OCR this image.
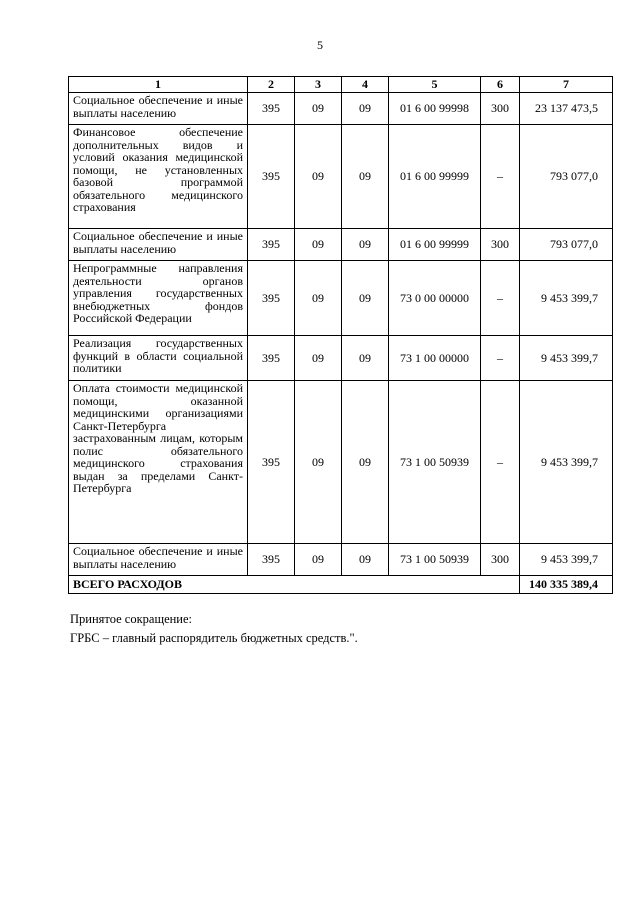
5
1	2	3	4	5	6	7
Социальное обеспечение и иные выплаты населению	395	09	09	01 6 00 99998	300	23 137 473,5
Финансовое обеспечение дополнительных видов и условий оказания медицинской помощи, не установленных базовой программой обязательного медицинского страхования	395	09	09	01 6 00 99999	–	793 077,0
Социальное обеспечение и иные выплаты населению	395	09	09	01 6 00 99999	300	793 077,0
Непрограммные направления деятельности органов управления государственных внебюджетных фондов Российской Федерации	395	09	09	73 0 00 00000	–	9 453 399,7
Реализация государственных функций в области социальной политики	395	09	09	73 1 00 00000	–	9 453 399,7
Оплата стоимости медицинской помощи, оказанной медицинскими организациями Санкт-Петербурга застрахованным лицам, которым полис обязательного медицинского страхования выдан за пределами Санкт-Петербурга	395	09	09	73 1 00 50939	–	9 453 399,7
Социальное обеспечение и иные выплаты населению	395	09	09	73 1 00 50939	300	9 453 399,7
ВСЕГО РАСХОДОВ						140 335 389,4
Принятое сокращение:
ГРБС – главный распорядитель бюджетных средств.".
